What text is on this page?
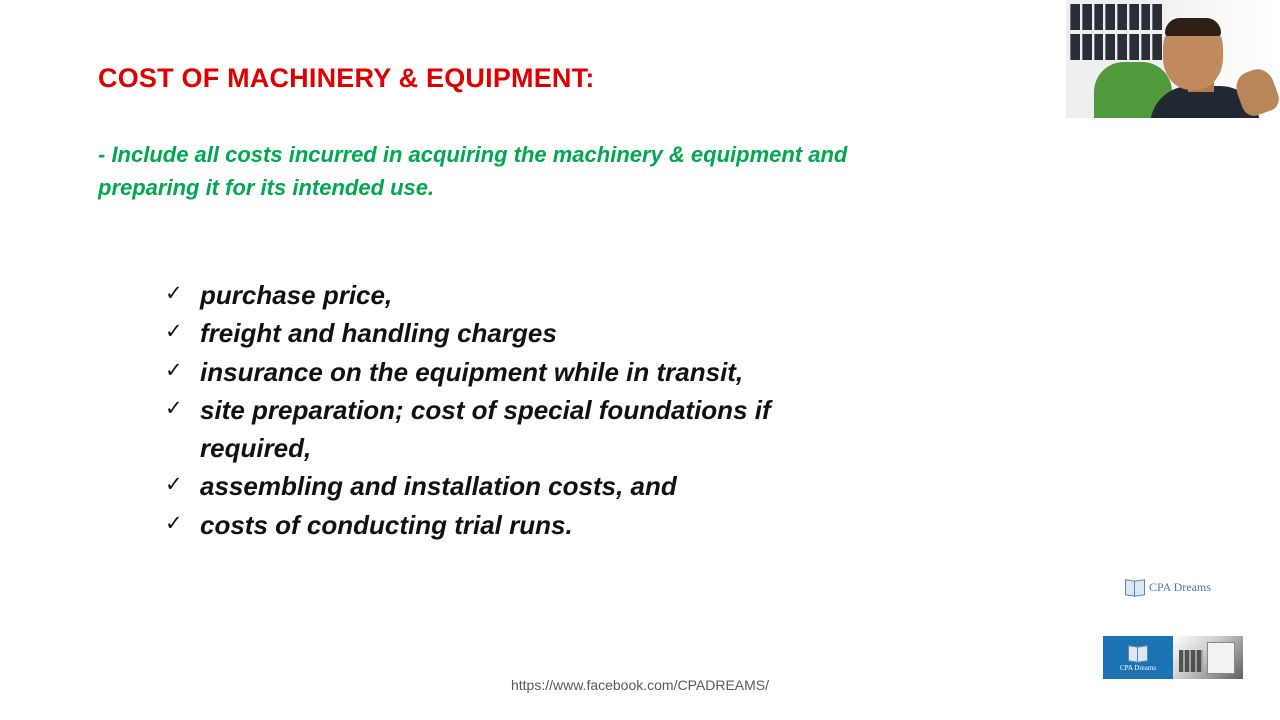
COST OF MACHINERY & EQUIPMENT:
- Include all costs incurred in acquiring the machinery & equipment and preparing it for its intended use.
✓ purchase price,
✓ freight and handling charges
✓ insurance on the equipment while in transit,
✓ site preparation; cost of special foundations if required,
✓ assembling and installation costs, and
✓ costs of conducting trial runs.
CPA Dreams
CPA Dreams
https://www.facebook.com/CPADREAMS/
